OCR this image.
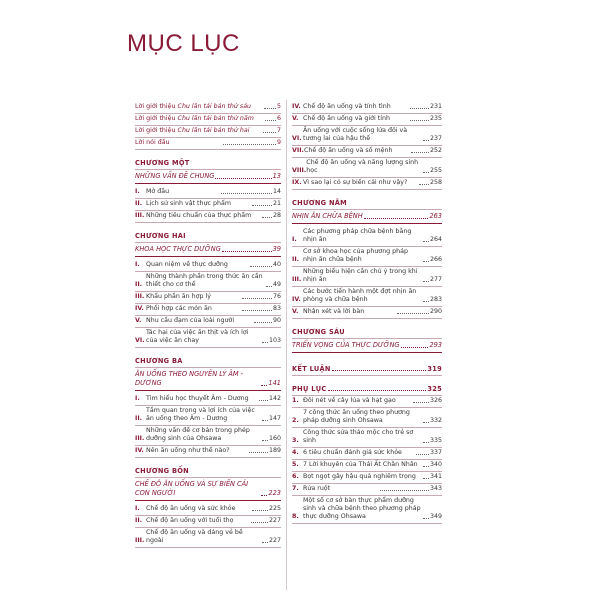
MỤC LỤC
Lời giới thiệu Chu lăn tái bản thứ sáu	5
Lời giới thiệu Chu lăn tái bản thứ năm	6
Lời giới thiệu Chu lăn tái bản thứ hai	7
Lời nói đầu	9
CHƯƠNG MỘT
NHỮNG VẤN ĐỀ CHUNG	13
I. Mở đầu	14
II. Lịch sử sinh vật thực phẩm	21
III. Những tiêu chuẩn của thực phẩm	28
CHƯƠNG HAI
KHOA HỌC THỰC DƯỠNG	39
I. Quan niệm về thực dưỡng	40
II.
Những thành phần trong thức ăn cần thiết cho cơ thể	49
III. Khẩu phần ăn hợp lý	76
IV. Phối hợp các món ăn	83
V. Nhu cầu đạm của loài người	90
VI.
Tác hại của việc ăn thịt và ích lợi của việc ăn chay	103
CHƯƠNG BA
ĂN UỐNG THEO NGUYÊN LÝ ÂM - DƯƠNG	141
I. Tìm hiểu học thuyết Âm - Dương	142
II.
Tầm quan trọng và lợi ích của việc ăn uống theo Âm - Dương	147
III.
Những vấn đề cơ bản trong phép dưỡng sinh của Ohsawa	160
IV. Nên ăn uống như thế nào?	189
CHƯƠNG BỐN
CHẾ ĐỘ ĂN UỐNG VÀ SỰ BIẾN CẢI CON NGƯỜI	223
I. Chế độ ăn uống và sức khỏe	225
II. Chế độ ăn uống với tuổi thọ	227
III.
Chế độ ăn uống và dáng vẻ bề ngoài	227
IV. Chế độ ăn uống và tính tình	231
V. Chế độ ăn uống và giới tính	235
VI.
Ăn uống với cuộc sống lứa đôi và tương lai của hậu thế	237
VII. Chế độ ăn uống và số mệnh	252
VIII.
Chế độ ăn uống và năng lượng sinh học	255
IX. Vì sao lại có sự biến cải như vậy?	258
CHƯƠNG NĂM
NHỊN ĂN CHỮA BỆNH	263
I.
Các phương pháp chữa bệnh bằng nhịn ăn	264
II.
Cơ sở khoa học của phương pháp nhịn ăn chữa bệnh	266
III.
Những biểu hiện cần chú ý trong khi nhịn ăn	277
IV.
Các bước tiến hành một đợt nhịn ăn phòng và chữa bệnh	283
V. Nhận xét và lời bàn	290
CHƯƠNG SÁU
TRIỂN VỌNG CỦA THỰC DƯỠNG	293
KẾT LUẬN	319
PHỤ LỤC	325
1. Đôi nét về cây lúa và hạt gạo	326
2.
7 công thức ăn uống theo phương pháp dưỡng sinh Ohsawa	332
3.
Công thức sửa thảo mộc cho trẻ sơ sinh	335
4. 6 tiêu chuẩn đánh giá sức khỏe	337
5. 7 Lời khuyên của Thái Ất Chân Nhân	340
6. Bọt ngọt gây hậu quả nghiêm trọng	341
7. Rửa ruột	343
8.
Một số cơ sở bàn thực phẩm dưỡng sinh và chữa bệnh theo phương pháp thực dưỡng Ohsawa	349
